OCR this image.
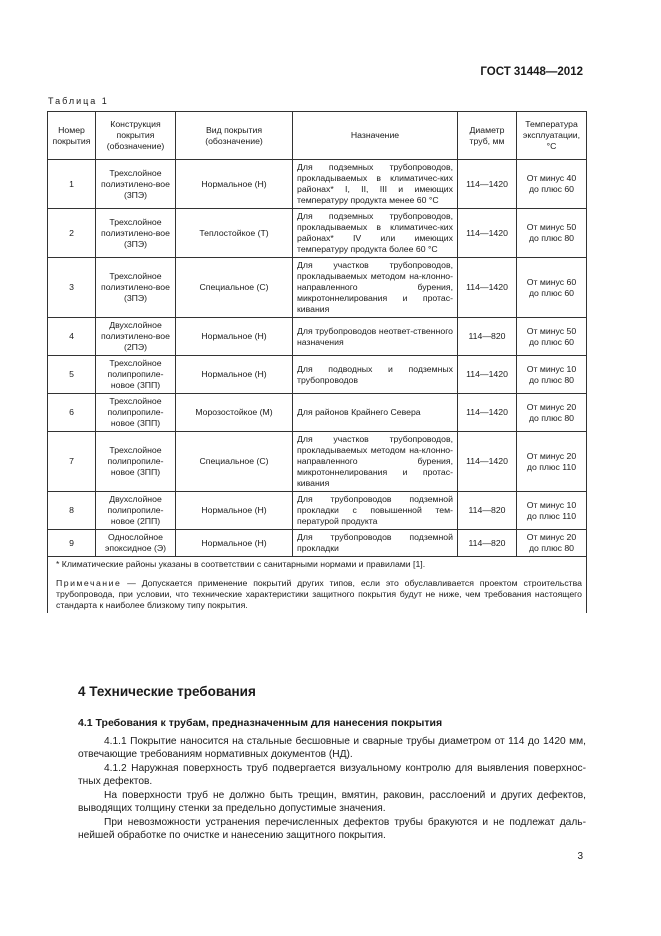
ГОСТ 31448—2012
Таблица 1
Номер покрытия	Конструкция покрытия (обозначение)	Вид покрытия (обозначение)	Назначение	Диаметр труб, мм	Температура эксплуатации, °С
1	Трехслойное полиэтилено-вое (3ПЭ)	Нормальное (Н)	Для подземных трубопроводов, прокладываемых в климатичес-ких районах* I, II, III и имеющих температуру продукта менее 60 °С	114—1420	От минус 40 до плюс 60
2	Трехслойное полиэтилено-вое (3ПЭ)	Теплостойкое (Т)	Для подземных трубопроводов, прокладываемых в климатичес-ких районах* IV или имеющих температуру продукта более 60 °С	114—1420	От минус 50 до плюс 80
3	Трехслойное полиэтилено-вое (3ПЭ)	Специальное (С)	Для участков трубопроводов, прокладываемых методом на-клонно-направленного бурения, микротоннелирования и протас-кивания	114—1420	От минус 60 до плюс 60
4	Двухслойное полиэтилено-вое (2ПЭ)	Нормальное (Н)	Для трубопроводов неответ-ственного назначения	114—820	От минус 50 до плюс 60
5	Трехслойное полипропиле-новое (3ПП)	Нормальное (Н)	Для подводных и подземных трубопроводов	114—1420	От минус 10 до плюс 80
6	Трехслойное полипропиле-новое (3ПП)	Морозостойкое (М)	Для районов Крайнего Севера	114—1420	От минус 20 до плюс 80
7	Трехслойное полипропиле-новое (3ПП)	Специальное (С)	Для участков трубопроводов, прокладываемых методом на-клонно-направленного бурения, микротоннелирования и протас-кивания	114—1420	От минус 20 до плюс 110
8	Двухслойное полипропиле-новое (2ПП)	Нормальное (Н)	Для трубопроводов подземной прокладки с повышенной тем-пературой продукта	114—820	От минус 10 до плюс 110
9	Однослойное эпоксидное (Э)	Нормальное (Н)	Для трубопроводов подземной прокладки	114—820	От минус 20 до плюс 80

* Климатические районы указаны в соответствии с санитарными нормами и правилами [1].
Примечание — Допускается применение покрытий других типов, если это обуславливается проектом строительства трубопровода, при условии, что технические характеристики защитного покрытия будут не ниже, чем требования настоящего стандарта к наиболее близкому типу покрытия.					
4 Технические требования
4.1 Требования к трубам, предназначенным для нанесения покрытия
4.1.1 Покрытие наносится на стальные бесшовные и сварные трубы диаметром от 114 до 1420 мм, отвечающие требованиям нормативных документов (НД).
4.1.2 Наружная поверхность труб подвергается визуальному контролю для выявления поверхнос-тных дефектов.
На поверхности труб не должно быть трещин, вмятин, раковин, расслоений и других дефектов, выводящих толщину стенки за предельно допустимые значения.
При невозможности устранения перечисленных дефектов трубы бракуются и не подлежат даль-нейшей обработке по очистке и нанесению защитного покрытия.
3
